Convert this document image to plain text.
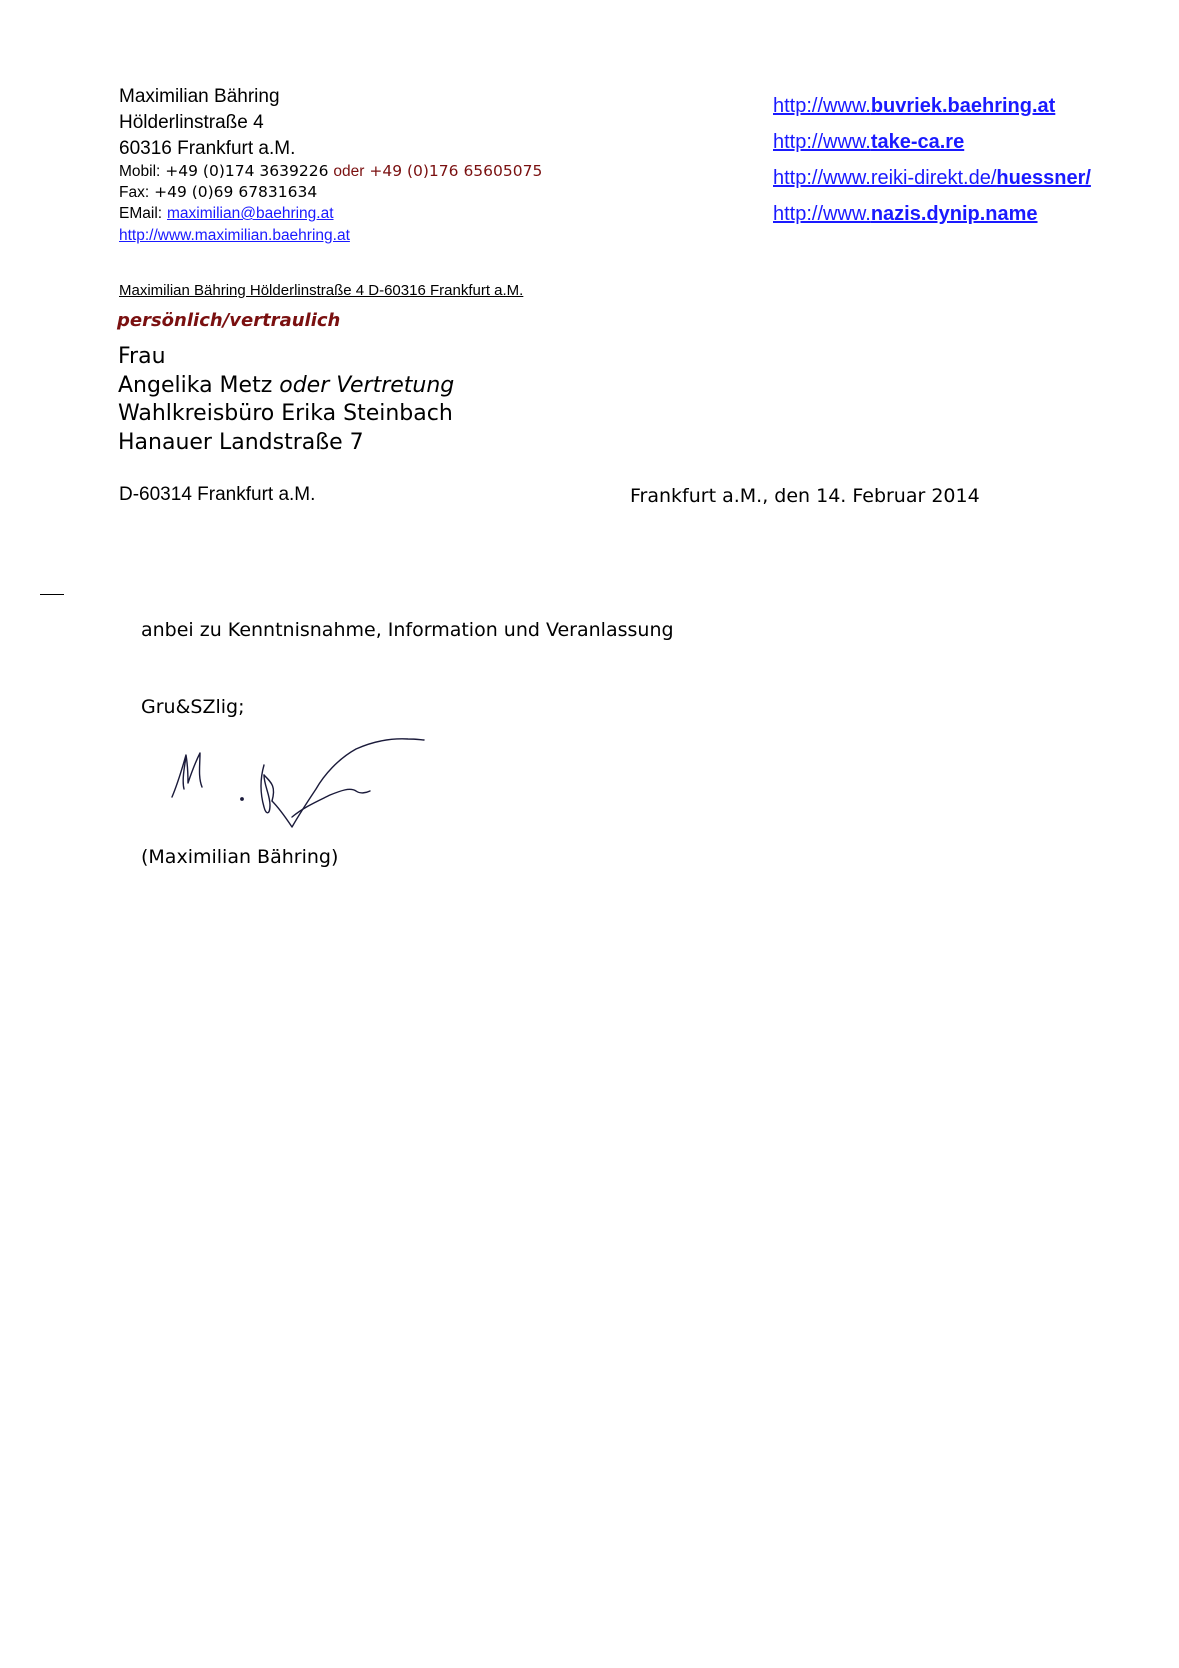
Maximilian Bähring
Hölderlinstraße 4
60316 Frankfurt a.M.
Mobil: +49 (0)174 3639226 oder +49 (0)176 65605075
Fax: +49 (0)69 67831634
EMail: maximilian@baehring.at
http://www.maximilian.baehring.at
http://www.buvriek.baehring.at
http://www.take-ca.re
http://www.reiki-direkt.de/huessner/
http://www.nazis.dynip.name
Maximilian Bähring Hölderlinstraße 4 D-60316 Frankfurt a.M.
persönlich/vertraulich
Frau
Angelika Metz oder Vertretung
Wahlkreisbüro Erika Steinbach
Hanauer Landstraße 7
D-60314 Frankfurt a.M.	Frankfurt a.M., den 14. Februar 2014
anbei zu Kenntnisnahme, Information und Veranlassung
Gru&SZlig;
(Maximilian Bähring)
